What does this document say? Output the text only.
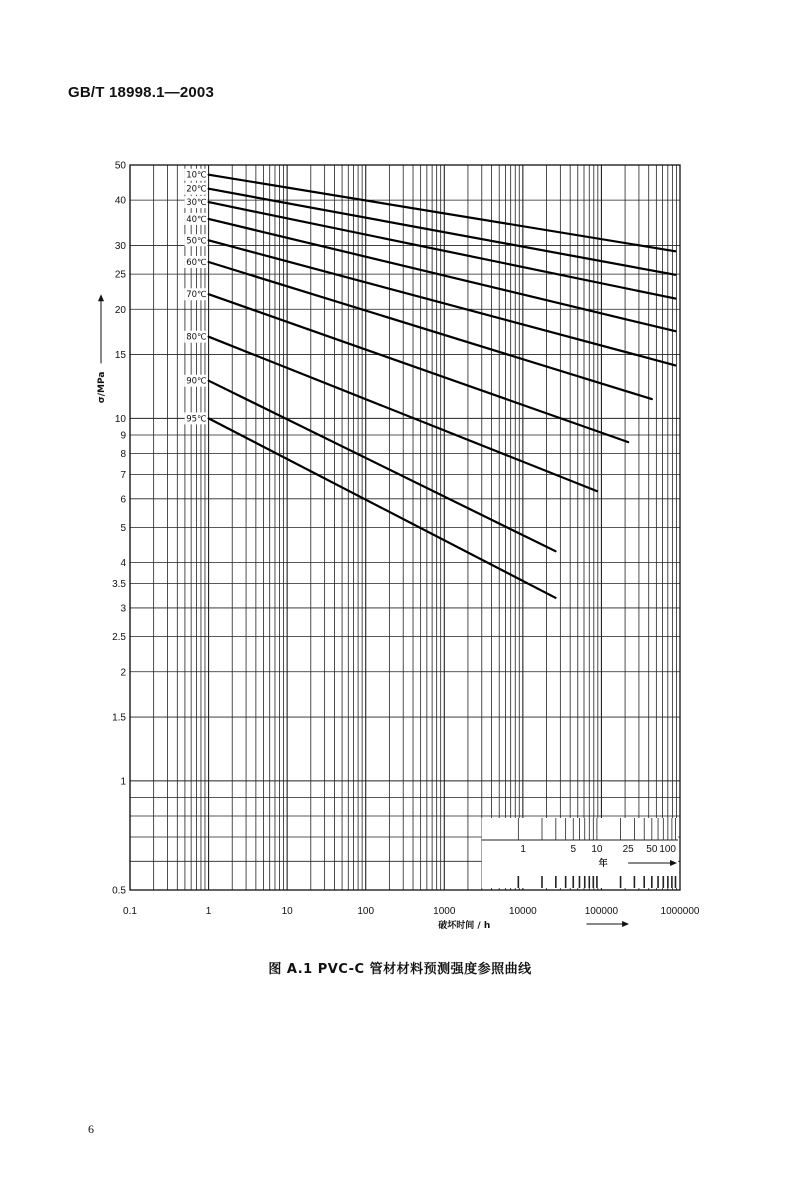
GB/T 18998.1—2003
1	5 10 25 50 100
年
0.1	1	10	100	1000	10000	100000	1000000
0.5
1
1.5
2
2.5
3
3.5
4
5
6
7
8
9
10
15
20
25
30
40
50
10℃
20℃
30℃
40℃
50℃
60℃
70℃
80℃
90℃
95℃
破坏时间 / h
σ/MPa
图 A.1 PVC-C 管材材料预测强度参照曲线
6
